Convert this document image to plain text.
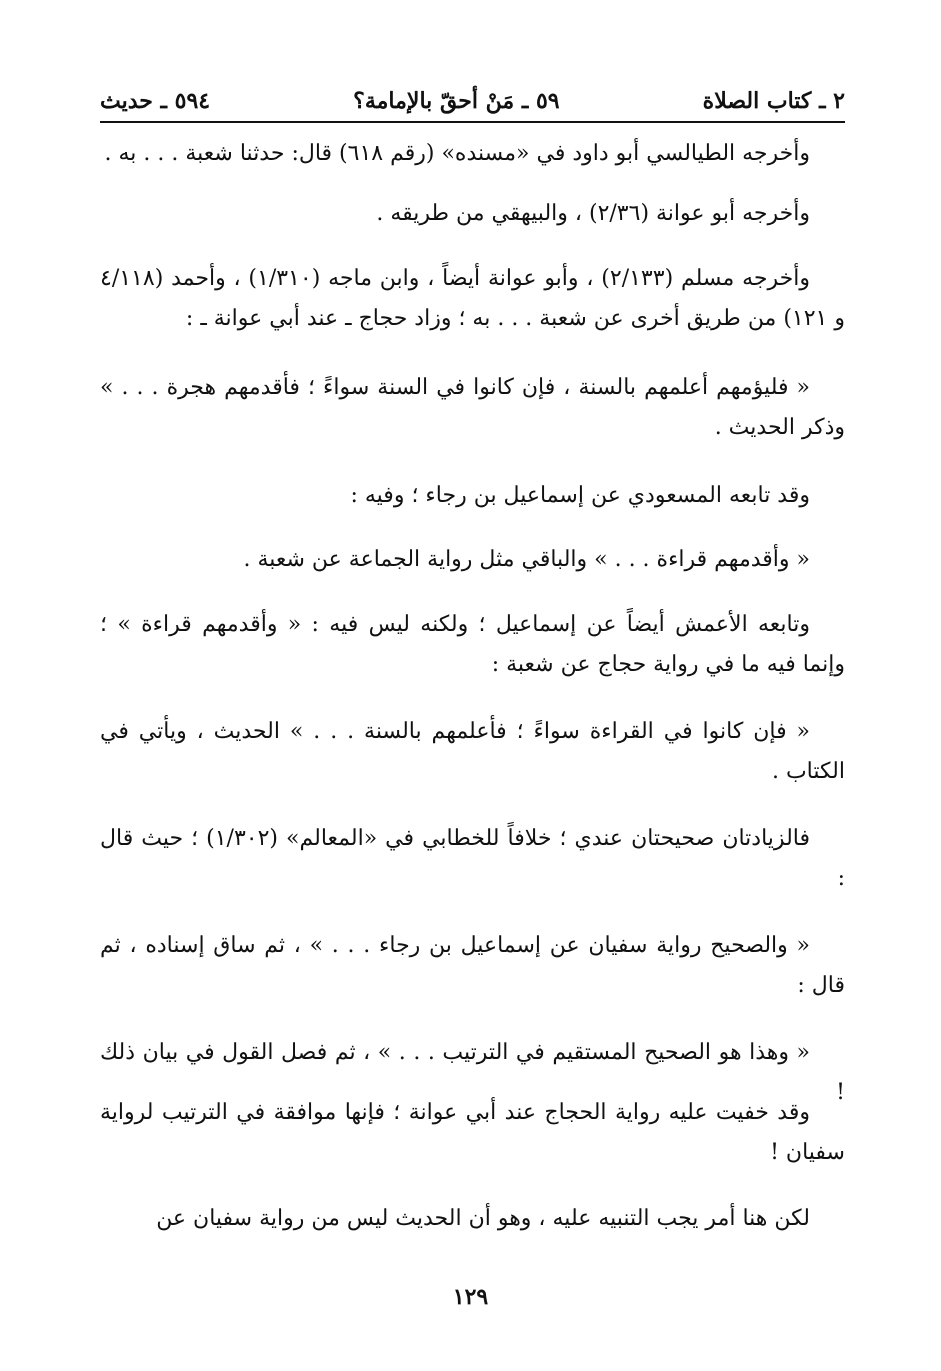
٢ ـ كتاب الصلاة
٥٩ ـ مَنْ أحقّ بالإمامة؟
٥٩٤ ـ حديث

وأخرجه الطيالسي أبو داود في «مسنده» (رقم ٦١٨) قال: حدثنا شعبة . . . به .

وأخرجه أبو عوانة (٢/٣٦) ، والبيهقي من طريقه .

وأخرجه مسلم (٢/١٣٣) ، وأبو عوانة أيضاً ، وابن ماجه (١/٣١٠) ، وأحمد (٤/١١٨ و ١٢١) من طريق أخرى عن شعبة . . . به ؛ وزاد حجاج ـ عند أبي عوانة ـ :

« فليؤمهم أعلمهم بالسنة ، فإن كانوا في السنة سواءً ؛ فأقدمهم هجرة . . . » وذكر الحديث .

وقد تابعه المسعودي عن إسماعيل بن رجاء ؛ وفيه :

« وأقدمهم قراءة . . . » والباقي مثل رواية الجماعة عن شعبة .

وتابعه الأعمش أيضاً عن إسماعيل ؛ ولكنه ليس فيه : « وأقدمهم قراءة » ؛ وإنما فيه ما في رواية حجاج عن شعبة :

« فإن كانوا في القراءة سواءً ؛ فأعلمهم بالسنة . . . » الحديث ، ويأتي في الكتاب .

فالزيادتان صحيحتان عندي ؛ خلافاً للخطابي في «المعالم» (١/٣٠٢) ؛ حيث قال :

« والصحيح رواية سفيان عن إسماعيل بن رجاء . . . » ، ثم ساق إسناده ، ثم قال :

« وهذا هو الصحيح المستقيم في الترتيب . . . » ، ثم فصل القول في بيان ذلك !

وقد خفيت عليه رواية الحجاج عند أبي عوانة ؛ فإنها موافقة في الترتيب لرواية سفيان !

لكن هنا أمر يجب التنبيه عليه ، وهو أن الحديث ليس من رواية سفيان عن

١٢٩
